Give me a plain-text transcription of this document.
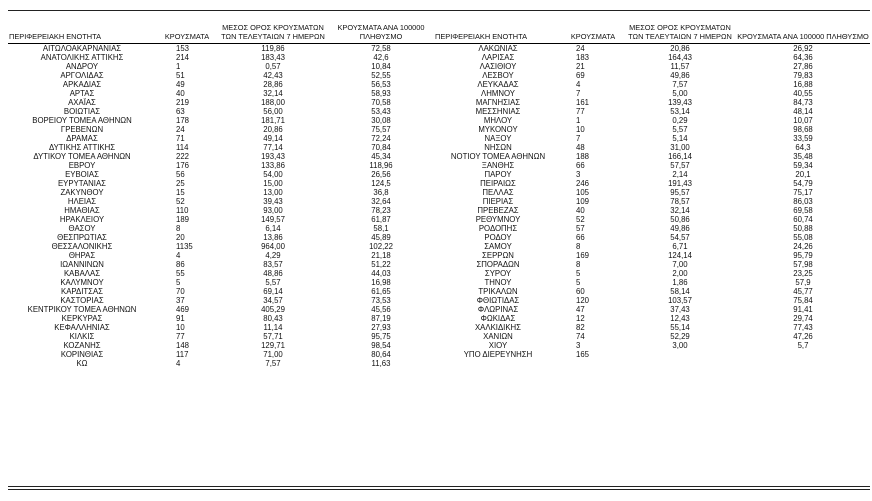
ΠΕΡΙΦΕΡΕΙΑΚΗ ΕΝΟΤΗΤΑ	ΚΡΟΥΣΜΑΤΑ	ΜΕΣΟΣ ΟΡΟΣ ΚΡΟΥΣΜΑΤΩΝ ΤΩΝ ΤΕΛΕΥΤΑΙΩΝ 7 ΗΜΕΡΩΝ	ΚΡΟΥΣΜΑΤΑ ΑΝΑ 100000 ΠΛΗΘΥΣΜΟ	ΠΕΡΙΦΕΡΕΙΑΚΗ ΕΝΟΤΗΤΑ	ΚΡΟΥΣΜΑΤΑ	ΜΕΣΟΣ ΟΡΟΣ ΚΡΟΥΣΜΑΤΩΝ ΤΩΝ ΤΕΛΕΥΤΑΙΩΝ 7 ΗΜΕΡΩΝ	ΚΡΟΥΣΜΑΤΑ ΑΝΑ 100000 ΠΛΗΘΥΣΜΟ
ΑΙΤΩΛΟΑΚΑΡΝΑΝΙΑΣ	153	119,86	72,58	ΛΑΚΩΝΙΑΣ	24	20,86	26,92
ΑΝΑΤΟΛΙΚΗΣ ΑΤΤΙΚΗΣ	214	183,43	42,6	ΛΑΡΙΣΑΣ	183	164,43	64,36
ΑΝΔΡΟΥ	1	0,57	10,84	ΛΑΣΙΘΙΟΥ	21	11,57	27,86
ΑΡΓΟΛΙΔΑΣ	51	42,43	52,55	ΛΕΣΒΟΥ	69	49,86	79,83
ΑΡΚΑΔΙΑΣ	49	28,86	56,53	ΛΕΥΚΑΔΑΣ	4	7,57	16,88
ΑΡΤΑΣ	40	32,14	58,93	ΛΗΜΝΟΥ	7	5,00	40,55
ΑΧΑΪΑΣ	219	188,00	70,58	ΜΑΓΝΗΣΙΑΣ	161	139,43	84,73
ΒΟΙΩΤΙΑΣ	63	56,00	53,43	ΜΕΣΣΗΝΙΑΣ	77	53,14	48,14
ΒΟΡΕΙΟΥ ΤΟΜΕΑ ΑΘΗΝΩΝ	178	181,71	30,08	ΜΗΛΟΥ	1	0,29	10,07
ΓΡΕΒΕΝΩΝ	24	20,86	75,57	ΜΥΚΟΝΟΥ	10	5,57	98,68
ΔΡΑΜΑΣ	71	49,14	72,24	ΝΑΞΟΥ	7	5,14	33,59
ΔΥΤΙΚΗΣ ΑΤΤΙΚΗΣ	114	77,14	70,84	ΝΗΣΩΝ	48	31,00	64,3
ΔΥΤΙΚΟΥ ΤΟΜΕΑ ΑΘΗΝΩΝ	222	193,43	45,34	ΝΟΤΙΟΥ ΤΟΜΕΑ ΑΘΗΝΩΝ	188	166,14	35,48
ΕΒΡΟΥ	176	133,86	118,96	ΞΑΝΘΗΣ	66	57,57	59,34
ΕΥΒΟΙΑΣ	56	54,00	26,56	ΠΑΡΟΥ	3	2,14	20,1
ΕΥΡΥΤΑΝΙΑΣ	25	15,00	124,5	ΠΕΙΡΑΙΩΣ	246	191,43	54,79
ΖΑΚΥΝΘΟΥ	15	13,00	36,8	ΠΕΛΛΑΣ	105	95,57	75,17
ΗΛΕΙΑΣ	52	39,43	32,64	ΠΙΕΡΙΑΣ	109	78,57	86,03
ΗΜΑΘΙΑΣ	110	93,00	78,23	ΠΡΕΒΕΖΑΣ	40	32,14	69,58
ΗΡΑΚΛΕΙΟΥ	189	149,57	61,87	ΡΕΘΥΜΝΟΥ	52	50,86	60,74
ΘΑΣΟΥ	8	6,14	58,1	ΡΟΔΟΠΗΣ	57	49,86	50,88
ΘΕΣΠΡΩΤΙΑΣ	20	13,86	45,89	ΡΟΔΟΥ	66	54,57	55,08
ΘΕΣΣΑΛΟΝΙΚΗΣ	1135	964,00	102,22	ΣΑΜΟΥ	8	6,71	24,26
ΘΗΡΑΣ	4	4,29	21,18	ΣΕΡΡΩΝ	169	124,14	95,79
ΙΩΑΝΝΙΝΩΝ	86	83,57	51,22	ΣΠΟΡΑΔΩΝ	8	7,00	57,98
ΚΑΒΑΛΑΣ	55	48,86	44,03	ΣΥΡΟΥ	5	2,00	23,25
ΚΑΛΥΜΝΟΥ	5	5,57	16,98	ΤΗΝΟΥ	5	1,86	57,9
ΚΑΡΔΙΤΣΑΣ	70	69,14	61,65	ΤΡΙΚΑΛΩΝ	60	58,14	45,77
ΚΑΣΤΟΡΙΑΣ	37	34,57	73,53	ΦΘΙΩΤΙΔΑΣ	120	103,57	75,84
ΚΕΝΤΡΙΚΟΥ ΤΟΜΕΑ ΑΘΗΝΩΝ	469	405,29	45,56	ΦΛΩΡΙΝΑΣ	47	37,43	91,41
ΚΕΡΚΥΡΑΣ	91	80,43	87,19	ΦΩΚΙΔΑΣ	12	12,43	29,74
ΚΕΦΑΛΛΗΝΙΑΣ	10	11,14	27,93	ΧΑΛΚΙΔΙΚΗΣ	82	55,14	77,43
ΚΙΛΚΙΣ	77	57,71	95,75	ΧΑΝΙΩΝ	74	52,29	47,26
ΚΟΖΑΝΗΣ	148	129,71	98,54	ΧΙΟΥ	3	3,00	5,7
ΚΟΡΙΝΘΙΑΣ	117	71,00	80,64	ΥΠΟ ΔΙΕΡΕΥΝΗΣΗ	165		
ΚΩ	4	7,57	11,63				
